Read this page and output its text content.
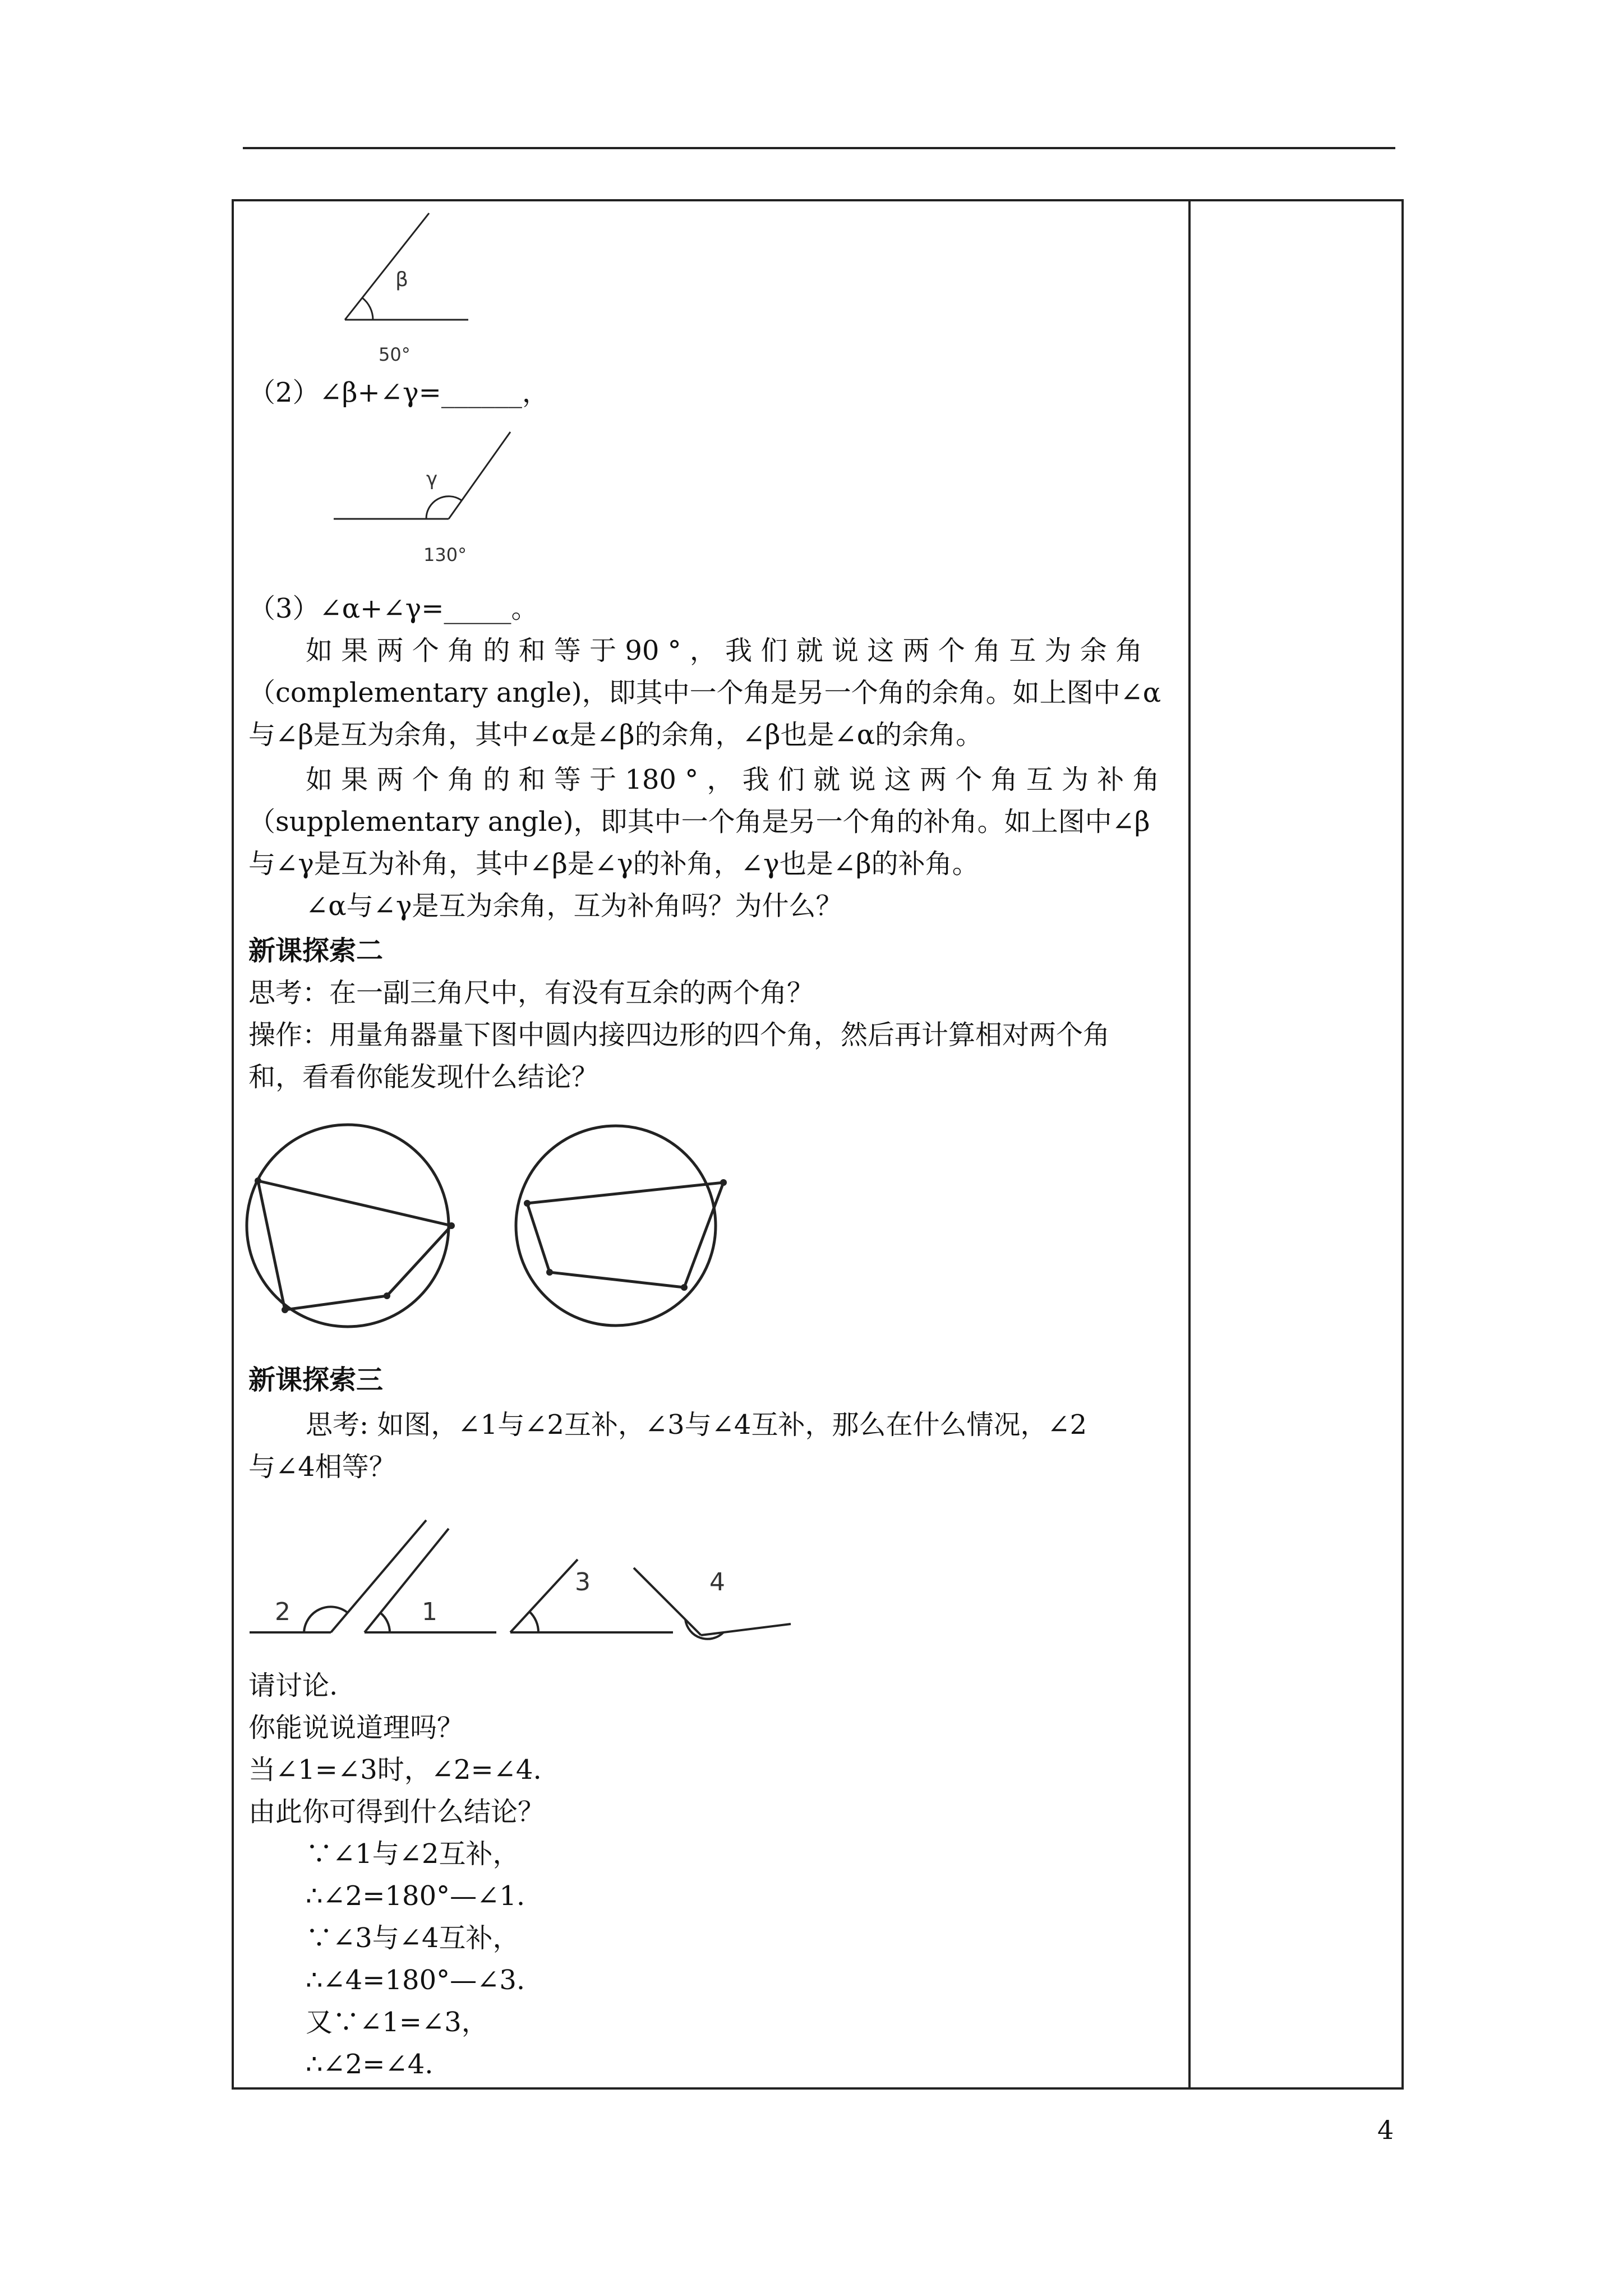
β
50°
（2）∠β+∠γ=______，
γ
130°
（3）∠α+∠γ=_____。
如 果 两 个 角 的 和 等 于 90 ° ， 我 们 就 说 这 两 个 角 互 为 余 角
（complementary angle)，即其中一个角是另一个角的余角。如上图中∠α
与∠β是互为余角，其中∠α是∠β的余角，∠β也是∠α的余角。
如 果 两 个 角 的 和 等 于 180 ° ， 我 们 就 说 这 两 个 角 互 为 补 角
（supplementary angle)，即其中一个角是另一个角的补角。如上图中∠β
与∠γ是互为补角，其中∠β是∠γ的补角，∠γ也是∠β的补角。
∠α与∠γ是互为余角，互为补角吗？为什么？
新课探索二
思考：在一副三角尺中，有没有互余的两个角？
操作：用量角器量下图中圆内接四边形的四个角，然后再计算相对两个角
和，看看你能发现什么结论？
新课探索三
思考: 如图，∠1与∠2互补，∠3与∠4互补，那么在什么情况，∠2
与∠4相等？
2	1
3	4
请讨论.
你能说说道理吗？
当∠1=∠3时，∠2=∠4.
由此你可得到什么结论？
∵∠1与∠2互补，
∴∠2=180°—∠1.
∵∠3与∠4互补，
∴∠4=180°—∠3.
又∵∠1=∠3，
∴∠2=∠4.
4
